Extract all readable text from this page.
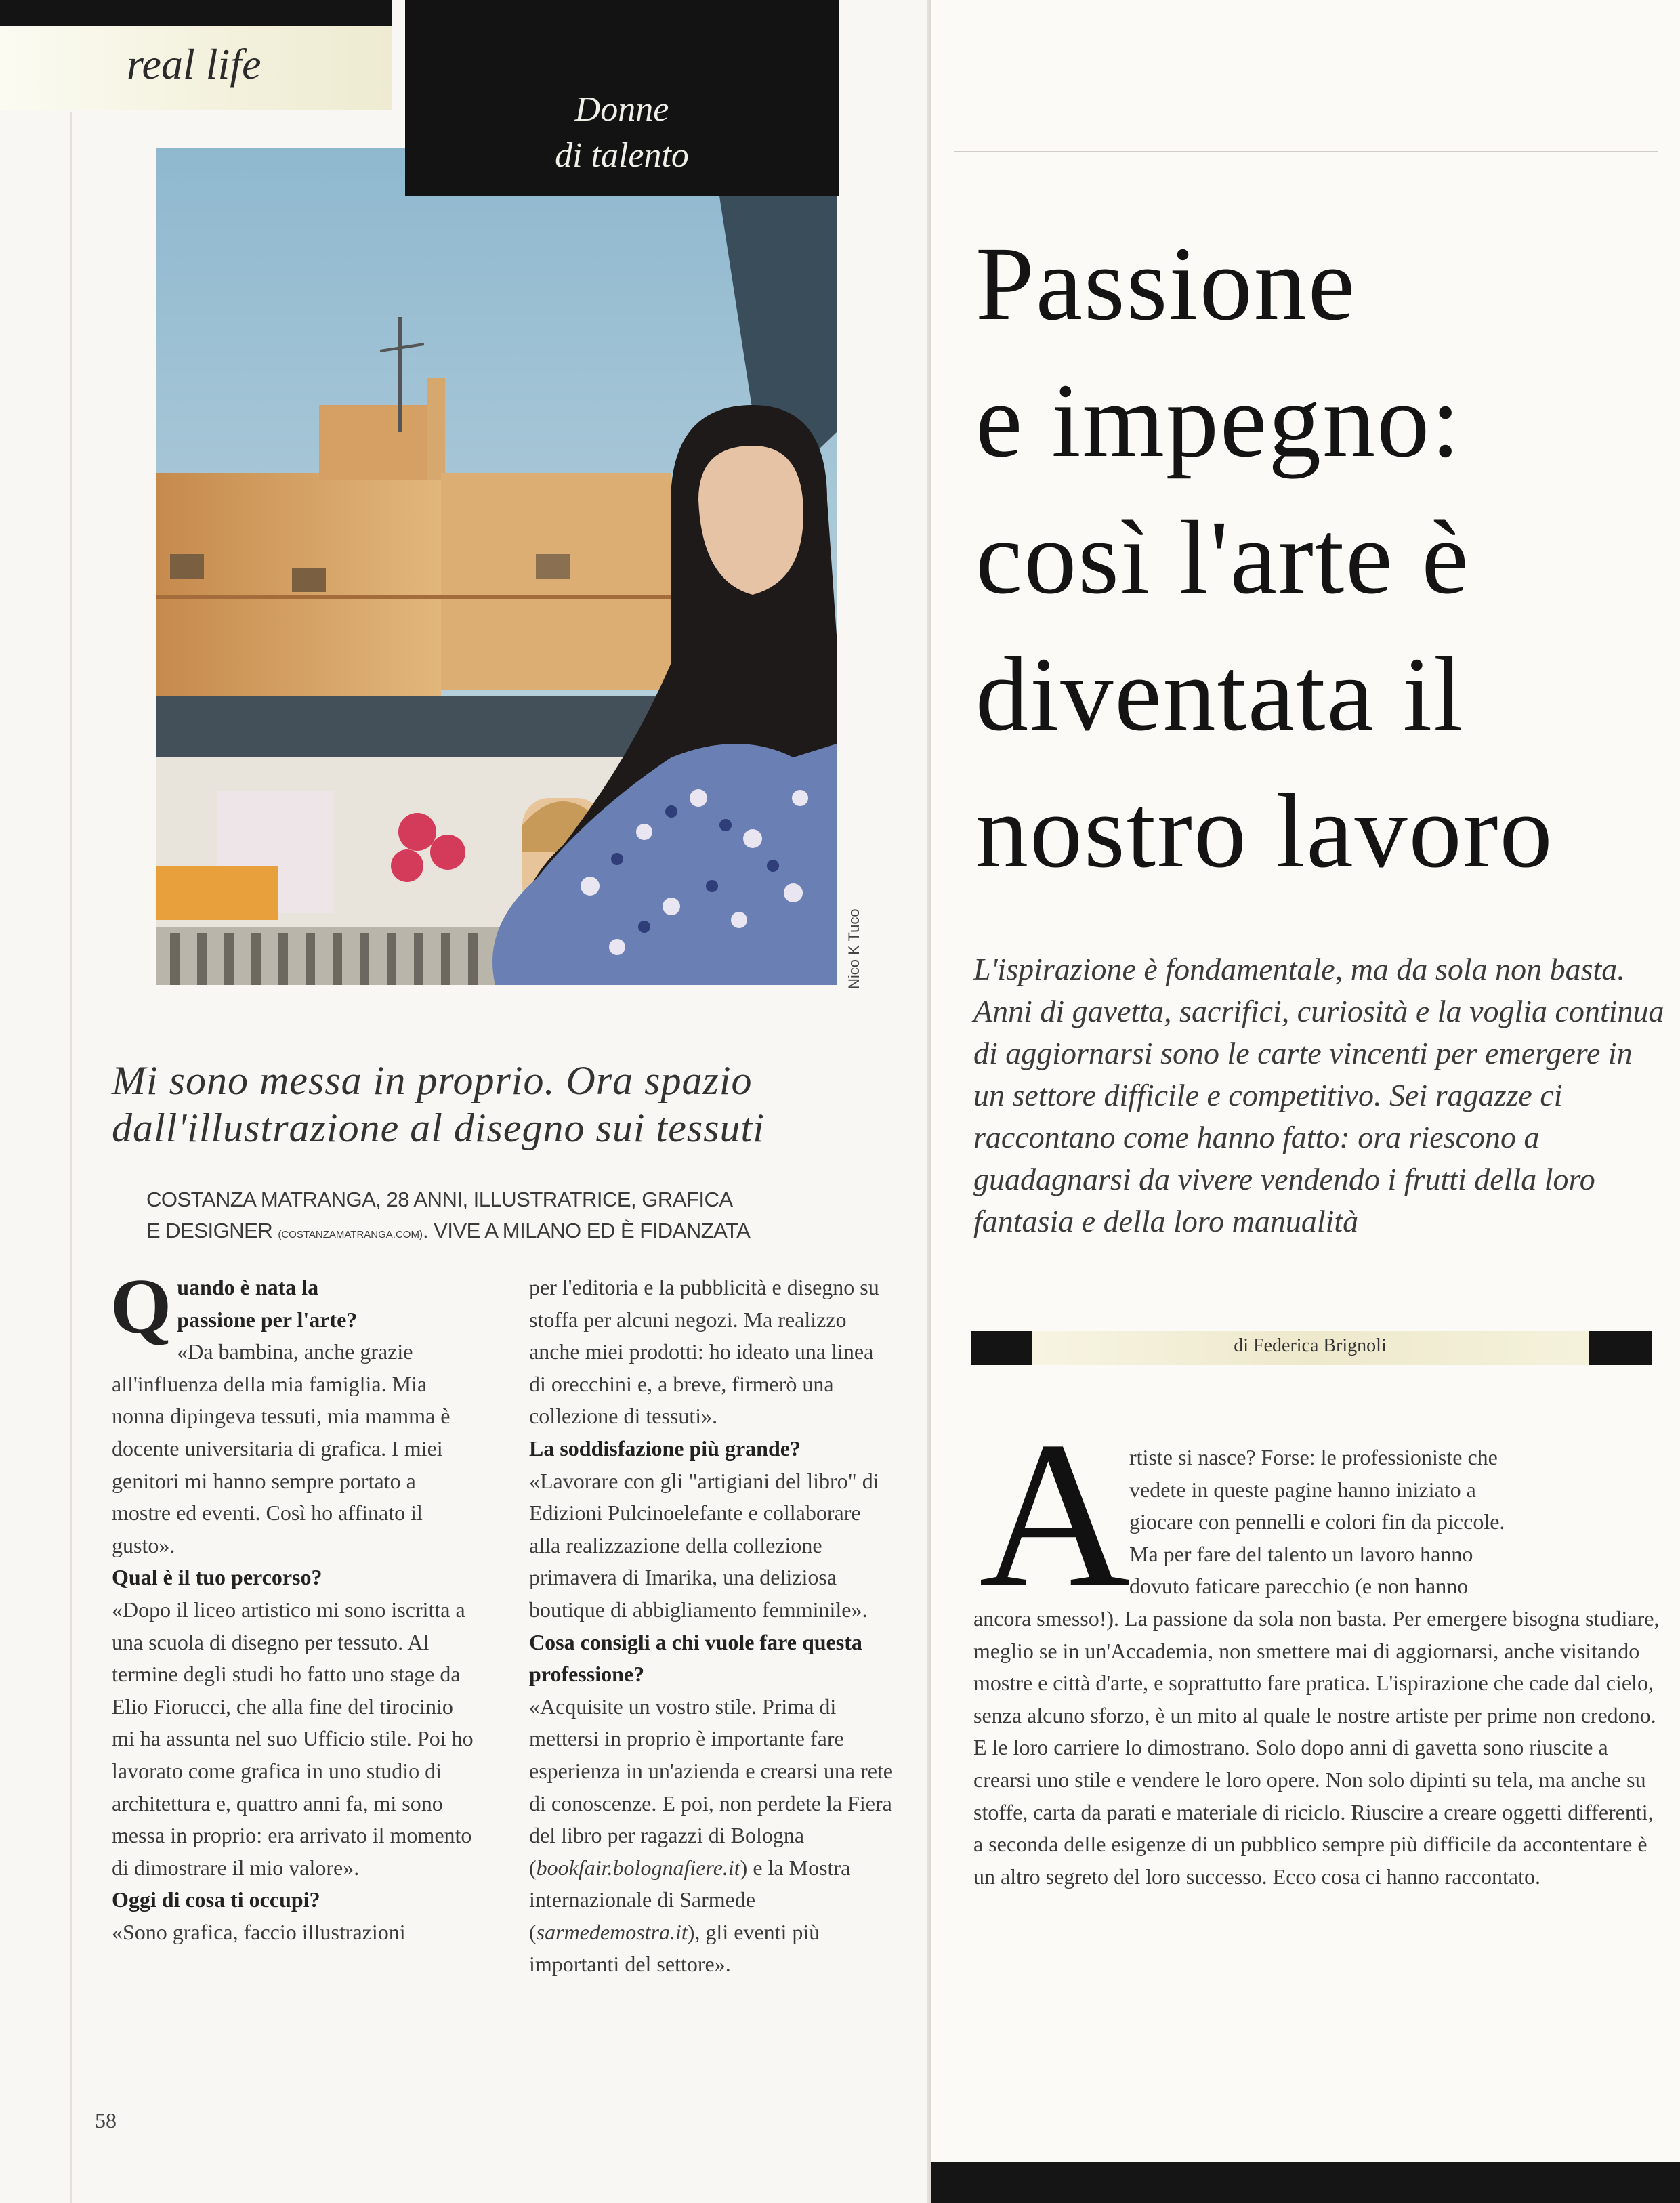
real life
Nico K Tuco
Donne
di talento
Mi sono messa in proprio. Ora spazio
dall'illustrazione al disegno sui tessuti
COSTANZA MATRANGA, 28 ANNI, ILLUSTRATRICE, GRAFICA
E DESIGNER (COSTANZAMATRANGA.COM). VIVE A MILANO ED È FIDANZATA

Quando è nata la
passione per l'arte?

«Da bambina, anche grazie all'influenza della mia famiglia. Mia nonna dipingeva tessuti, mia mamma è docente universitaria di grafica. I miei genitori mi hanno sempre portato a mostre ed eventi. Così ho affinato il gusto».

Qual è il tuo percorso?

«Dopo il liceo artistico mi sono iscritta a una scuola di disegno per tessuto. Al termine degli studi ho fatto uno stage da Elio Fiorucci, che alla fine del tirocinio mi ha assunta nel suo Ufficio stile. Poi ho lavorato come grafica in uno studio di architettura e, quattro anni fa, mi sono messa in proprio: era arrivato il momento di dimostrare il mio valore».

Oggi di cosa ti occupi?

«Sono grafica, faccio illustrazioni

per l'editoria e la pubblicità e disegno su stoffa per alcuni negozi. Ma realizzo anche miei prodotti: ho ideato una linea di orecchini e, a breve, firmerò una collezione di tessuti».

La soddisfazione più grande?

«Lavorare con gli "artigiani del libro" di Edizioni Pulcinoelefante e collaborare alla realizzazione della collezione primavera di Imarika, una deliziosa boutique di abbigliamento femminile».

Cosa consigli a chi vuole fare questa professione?

«Acquisite un vostro stile. Prima di mettersi in proprio è importante fare esperienza in un'azienda e crearsi una rete di conoscenze. E poi, non perdete la Fiera del libro per ragazzi di Bologna (bookfair.bolognafiere.it) e la Mostra internazionale di Sarmede (sarmedemostra.it), gli eventi più importanti del settore».

58
Passione
e impegno:
così l'arte è
diventata il
nostro lavoro
L'ispirazione è fondamentale, ma da sola non basta. Anni di gavetta, sacrifici, curiosità e la voglia continua di aggiornarsi sono le carte vincenti per emergere in un settore difficile e competitivo. Sei ragazze ci raccontano come hanno fatto: ora riescono a guadagnarsi da vivere vendendo i frutti della loro fantasia e della loro manualità
di Federica Brignoli
A

rtiste si nasce? Forse: le professioniste che

vedete in queste pagine hanno iniziato a

giocare con pennelli e colori fin da piccole.

Ma per fare del talento un lavoro hanno

dovuto faticare parecchio (e non hanno

ancora smesso!). La passione da sola non basta. Per emergere bisogna studiare, meglio se in un'Accademia, non smettere mai di aggiornarsi, anche visitando mostre e città d'arte, e soprattutto fare pratica. L'ispirazione che cade dal cielo, senza alcuno sforzo, è un mito al quale le nostre artiste per prime non credono. E le loro carriere lo dimostrano. Solo dopo anni di gavetta sono riuscite a crearsi uno stile e vendere le loro opere. Non solo dipinti su tela, ma anche su stoffe, carta da parati e materiale di riciclo. Riuscire a creare oggetti differenti, a seconda delle esigenze di un pubblico sempre più difficile da accontentare è un altro segreto del loro successo. Ecco cosa ci hanno raccontato.
